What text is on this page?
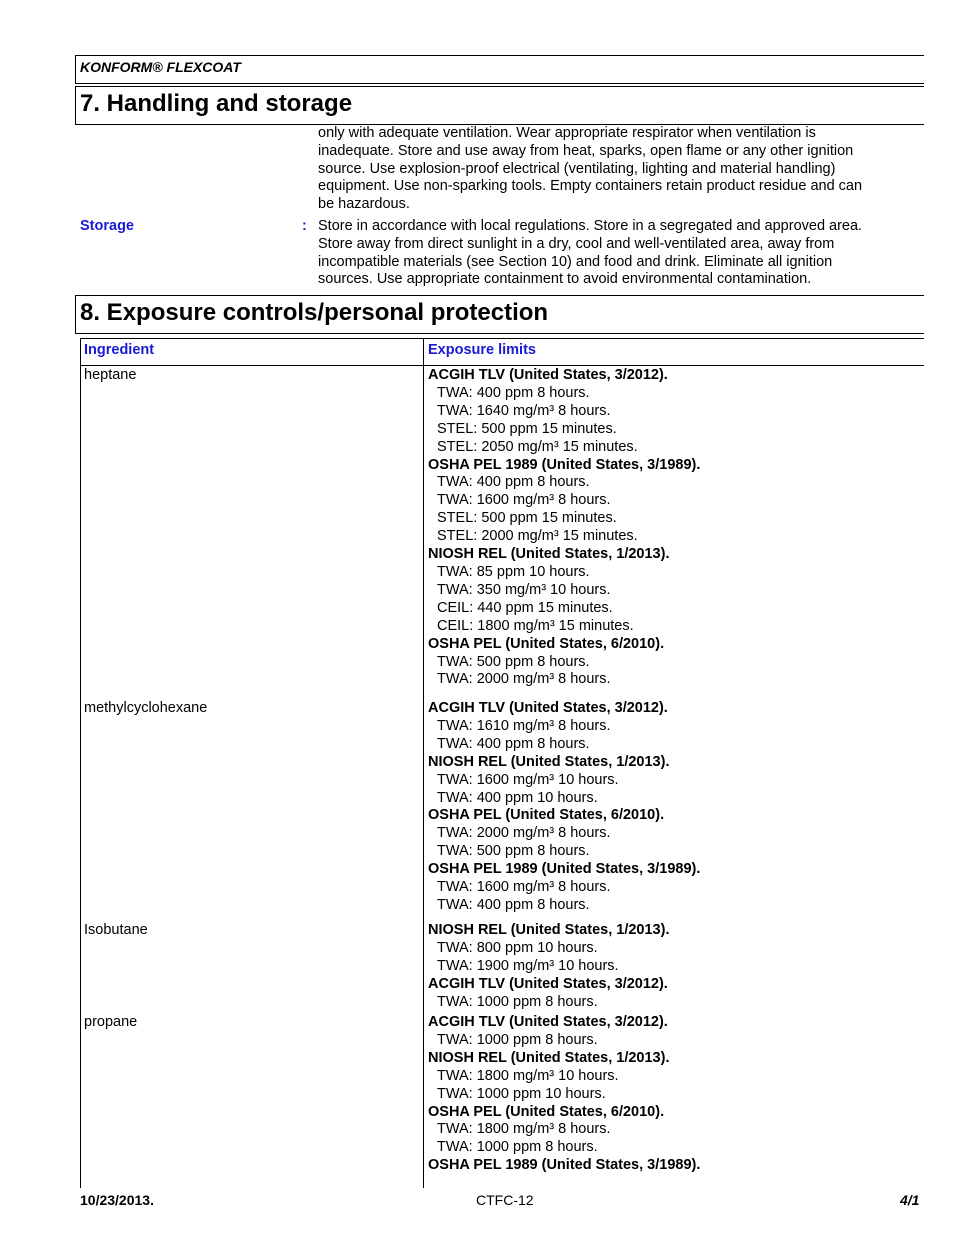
KONFORM® FLEXCOAT
7. Handling and storage
only with adequate ventilation. Wear appropriate respirator when ventilation is
inadequate. Store and use away from heat, sparks, open flame or any other ignition
source. Use explosion-proof electrical (ventilating, lighting and material handling)
equipment. Use non-sparking tools. Empty containers retain product residue and can
be hazardous.
Storage	: Store in accordance with local regulations. Store in a segregated and approved area.
Store away from direct sunlight in a dry, cool and well-ventilated area, away from
incompatible materials (see Section 10) and food and drink. Eliminate all ignition
sources. Use appropriate containment to avoid environmental contamination.
8. Exposure controls/personal protection
Ingredient	Exposure limits
heptane	ACGIH TLV (United States, 3/2012).
TWA: 400 ppm 8 hours.
TWA: 1640 mg/m³ 8 hours.
STEL: 500 ppm 15 minutes.
STEL: 2050 mg/m³ 15 minutes.
OSHA PEL 1989 (United States, 3/1989).
TWA: 400 ppm 8 hours.
TWA: 1600 mg/m³ 8 hours.
STEL: 500 ppm 15 minutes.
STEL: 2000 mg/m³ 15 minutes.
NIOSH REL (United States, 1/2013).
TWA: 85 ppm 10 hours.
TWA: 350 mg/m³ 10 hours.
CEIL: 440 ppm 15 minutes.
CEIL: 1800 mg/m³ 15 minutes.
OSHA PEL (United States, 6/2010).
TWA: 500 ppm 8 hours.
TWA: 2000 mg/m³ 8 hours.
methylcyclohexane	ACGIH TLV (United States, 3/2012).
TWA: 1610 mg/m³ 8 hours.
TWA: 400 ppm 8 hours.
NIOSH REL (United States, 1/2013).
TWA: 1600 mg/m³ 10 hours.
TWA: 400 ppm 10 hours.
OSHA PEL (United States, 6/2010).
TWA: 2000 mg/m³ 8 hours.
TWA: 500 ppm 8 hours.
OSHA PEL 1989 (United States, 3/1989).
TWA: 1600 mg/m³ 8 hours.
TWA: 400 ppm 8 hours.
Isobutane	NIOSH REL (United States, 1/2013).
TWA: 800 ppm 10 hours.
TWA: 1900 mg/m³ 10 hours.
ACGIH TLV (United States, 3/2012).
TWA: 1000 ppm 8 hours.
propane	ACGIH TLV (United States, 3/2012).
TWA: 1000 ppm 8 hours.
NIOSH REL (United States, 1/2013).
TWA: 1800 mg/m³ 10 hours.
TWA: 1000 ppm 10 hours.
OSHA PEL (United States, 6/2010).
TWA: 1800 mg/m³ 8 hours.
TWA: 1000 ppm 8 hours.
OSHA PEL 1989 (United States, 3/1989).
10/23/2013.	CTFC-12	4/1
